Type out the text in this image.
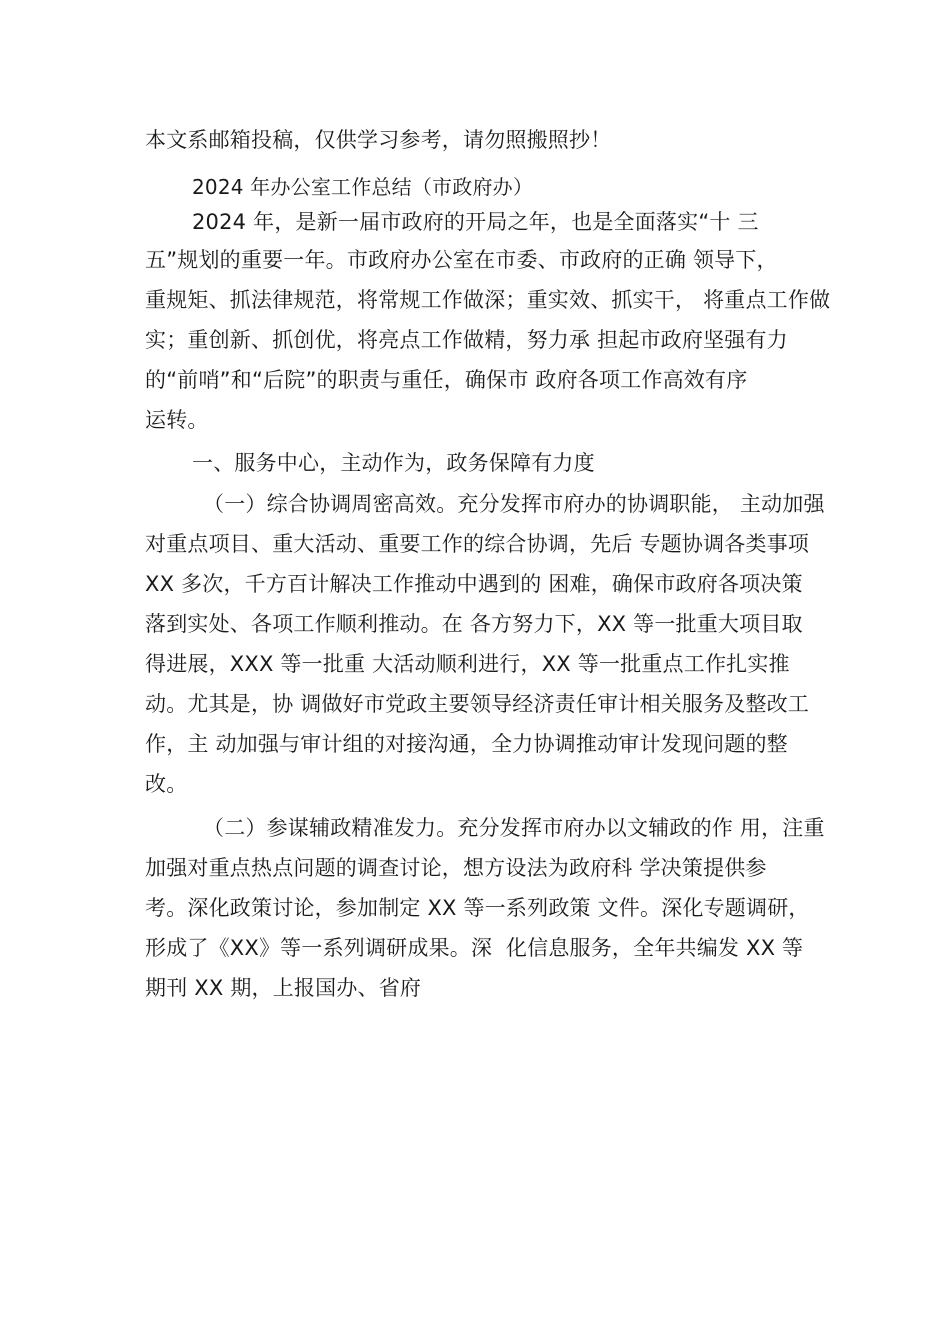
本文系邮箱投稿，仅供学习参考，请勿照搬照抄！
2024 年办公室工作总结（市政府办）
2024 年，是新一届市政府的开局之年，也是全面落实“十 三
五”规划的重要一年。市政府办公室在市委、市政府的正确 领导下，
重规矩、抓法律规范，将常规工作做深；重实效、抓实干， 将重点工作做
实；重创新、抓创优，将亮点工作做精，努力承 担起市政府坚强有力
的“前哨”和“后院”的职责与重任，确保市 政府各项工作高效有序
运转。
一、服务中心，主动作为，政务保障有力度
（一）综合协调周密高效。充分发挥市府办的协调职能， 主动加强
对重点项目、重大活动、重要工作的综合协调，先后 专题协调各类事项
XX 多次，千方百计解决工作推动中遇到的 困难，确保市政府各项决策
落到实处、各项工作顺利推动。在 各方努力下，XX 等一批重大项目取
得进展，XXX 等一批重 大活动顺利进行，XX 等一批重点工作扎实推
动。尤其是，协 调做好市党政主要领导经济责任审计相关服务及整改工
作，主 动加强与审计组的对接沟通，全力协调推动审计发现问题的整
改。
（二）参谋辅政精准发力。充分发挥市府办以文辅政的作 用，注重
加强对重点热点问题的调查讨论，想方设法为政府科 学决策提供参
考。深化政策讨论，参加制定 XX 等一系列政策 文件。深化专题调研，
形成了《XX》等一系列调研成果。深  化信息服务，全年共编发 XX 等
期刊 XX 期，上报国办、省府
